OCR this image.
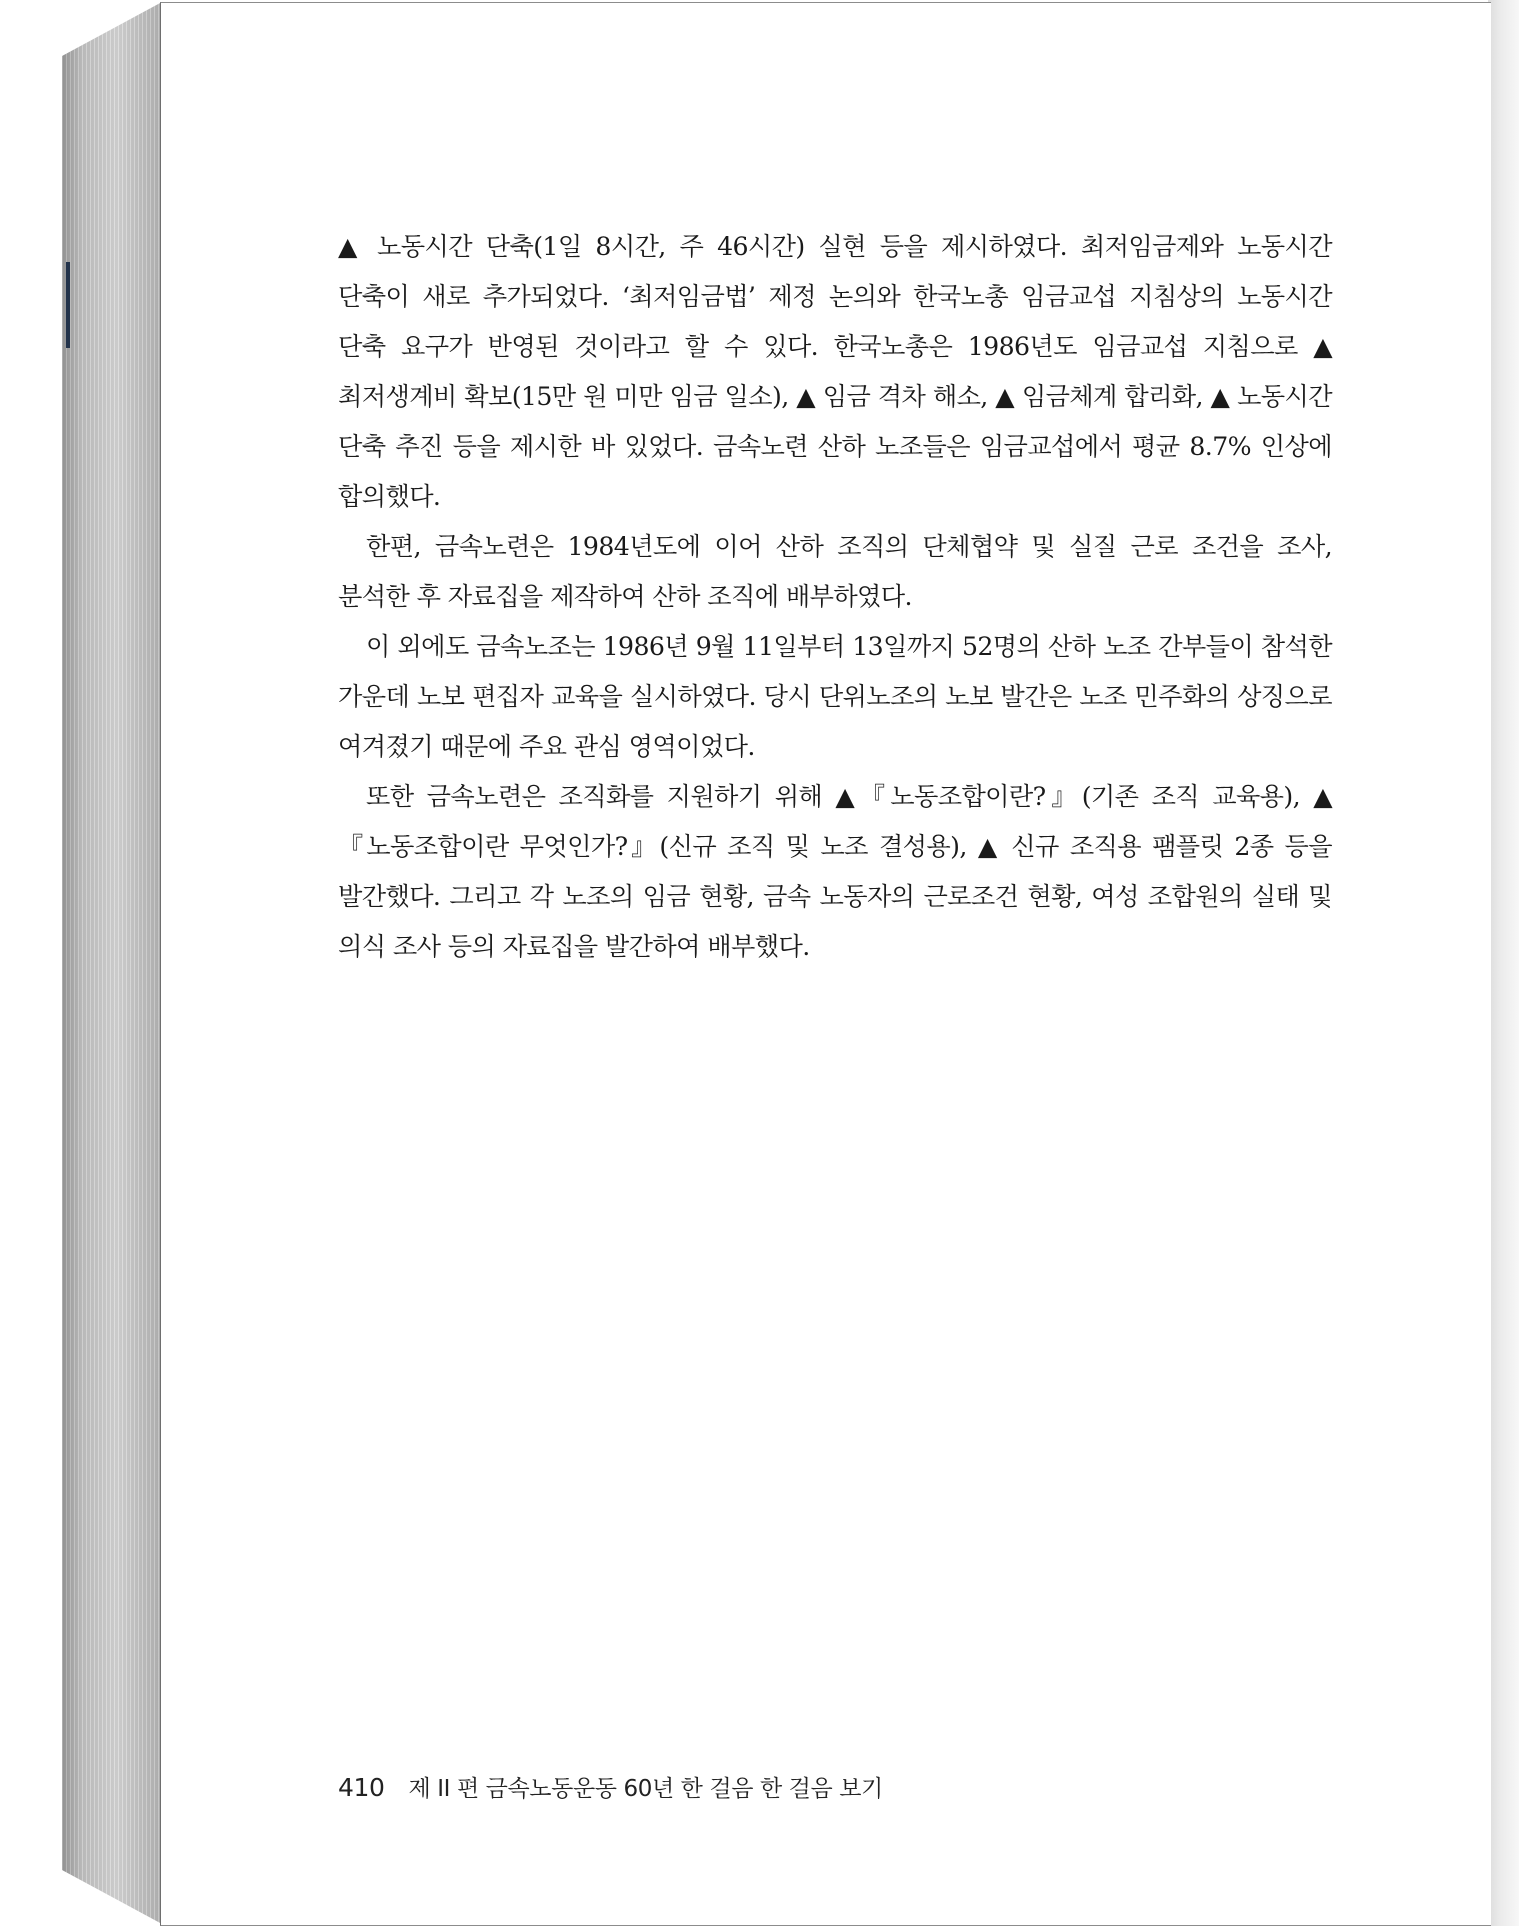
▲ 노동시간 단축(1일 8시간, 주 46시간) 실현 등을 제시하였다. 최저임금제와 노동시간 단축이 새로 추가되었다. ‘최저임금법’ 제정 논의와 한국노총 임금교섭 지침상의 노동시간 단축 요구가 반영된 것이라고 할 수 있다. 한국노총은 1986년도 임금교섭 지침으로 ▲ 최저생계비 확보(15만 원 미만 임금 일소), ▲ 임금 격차 해소, ▲ 임금체계 합리화, ▲ 노동시간 단축 추진 등을 제시한 바 있었다. 금속노련 산하 노조들은 임금교섭에서 평균 8.7% 인상에 합의했다.

한편, 금속노련은 1984년도에 이어 산하 조직의 단체협약 및 실질 근로 조건을 조사, 분석한 후 자료집을 제작하여 산하 조직에 배부하였다.

이 외에도 금속노조는 1986년 9월 11일부터 13일까지 52명의 산하 노조 간부들이 참석한 가운데 노보 편집자 교육을 실시하였다. 당시 단위노조의 노보 발간은 노조 민주화의 상징으로 여겨졌기 때문에 주요 관심 영역이었다.

또한 금속노련은 조직화를 지원하기 위해 ▲『노동조합이란?』(기존 조직 교육용), ▲『노동조합이란 무엇인가?』(신규 조직 및 노조 결성용), ▲ 신규 조직용 팸플릿 2종 등을 발간했다. 그리고 각 노조의 임금 현황, 금속 노동자의 근로조건 현황, 여성 조합원의 실태 및 의식 조사 등의 자료집을 발간하여 배부했다.

410 제 II 편 금속노동운동 60년 한 걸음 한 걸음 보기
